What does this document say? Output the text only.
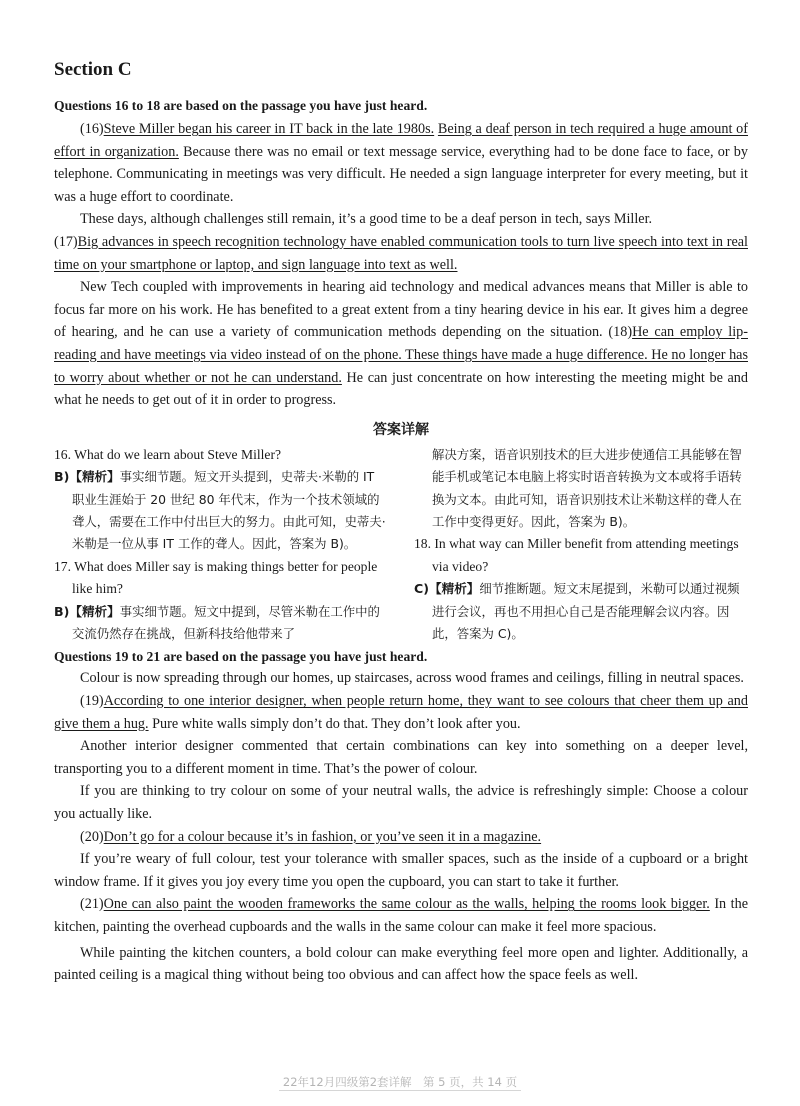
Section C
Questions 16 to 18 are based on the passage you have just heard.

(16)Steve Miller began his career in IT back in the late 1980s. Being a deaf person in tech required a huge amount of effort in organization. Because there was no email or text message service, everything had to be done face to face, or by telephone. Communicating in meetings was very difficult. He needed a sign language interpreter for every meeting, but it was a huge effort to coordinate.

These days, although challenges still remain, it’s a good time to be a deaf person in tech, says Miller.

(17)Big advances in speech recognition technology have enabled communication tools to turn live speech into text in real time on your smartphone or laptop, and sign language into text as well.

New Tech coupled with improvements in hearing aid technology and medical advances means that Miller is able to focus far more on his work. He has benefited to a great extent from a tiny hearing device in his ear. It gives him a degree of hearing, and he can use a variety of communication methods depending on the situation. (18)He can employ lip-reading and have meetings via video instead of on the phone. These things have made a huge difference. He no longer has to worry about whether or not he can understand. He can just concentrate on how interesting the meeting might be and what he needs to get out of it in order to progress.

答案详解
16. What do we learn about Steve Miller?
B)【精析】事实细节题。短文开头提到，史蒂夫·米勒的 IT 职业生涯始于 20 世纪 80 年代末，作为一个技术领域的聋人，需要在工作中付出巨大的努力。由此可知，史蒂夫·米勒是一位从事 IT 工作的聋人。因此，答案为 B)。
17. What does Miller say is making things better for people like him?
B)【精析】事实细节题。短文中提到，尽管米勒在工作中的交流仍然存在挑战，但新科技给他带来了
解决方案，语音识别技术的巨大进步使通信工具能够在智能手机或笔记本电脑上将实时语音转换为文本或将手语转换为文本。由此可知，语音识别技术让米勒这样的聋人在工作中变得更好。因此，答案为 B)。
18. In what way can Miller benefit from attending meetings via video?
C)【精析】细节推断题。短文末尾提到，米勒可以通过视频进行会议，再也不用担心自己是否能理解会议内容。因此，答案为 C)。
Questions 19 to 21 are based on the passage you have just heard.

Colour is now spreading through our homes, up staircases, across wood frames and ceilings, filling in neutral spaces.

(19)According to one interior designer, when people return home, they want to see colours that cheer them up and give them a hug. Pure white walls simply don’t do that. They don’t look after you.

Another interior designer commented that certain combinations can key into something on a deeper level, transporting you to a different moment in time. That’s the power of colour.

If you are thinking to try colour on some of your neutral walls, the advice is refreshingly simple: Choose a colour you actually like.

(20)Don’t go for a colour because it’s in fashion, or you’ve seen it in a magazine.

If you’re weary of full colour, test your tolerance with smaller spaces, such as the inside of a cupboard or a bright window frame. If it gives you joy every time you open the cupboard, you can start to take it further.

(21)One can also paint the wooden frameworks the same colour as the walls, helping the rooms look bigger. In the kitchen, painting the overhead cupboards and the walls in the same colour can make it feel more spacious.

While painting the kitchen counters, a bold colour can make everything feel more open and lighter. Additionally, a painted ceiling is a magical thing without being too obvious and can affect how the space feels as well.

22年12月四级第2套详解　第 5 页，共 14 页
